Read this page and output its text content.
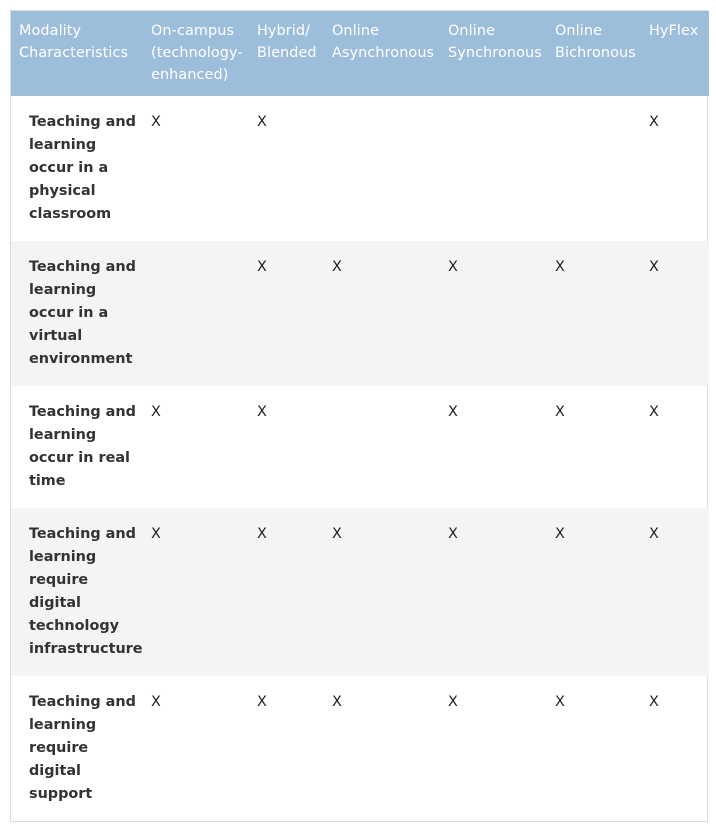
Modality Characteristics	On-campus (technology-enhanced)	Hybrid/ Blended	Online Asynchronous	Online Synchronous	Online Bichronous	HyFlex
Teaching and learning occur in a physical classroom	X	X				X
Teaching and learning occur in a virtual environment		X	X	X	X	X
Teaching and learning occur in real time	X	X		X	X	X
Teaching and learning require digital technology infrastructure	X	X	X	X	X	X
Teaching and learning require digital support	X	X	X	X	X	X
